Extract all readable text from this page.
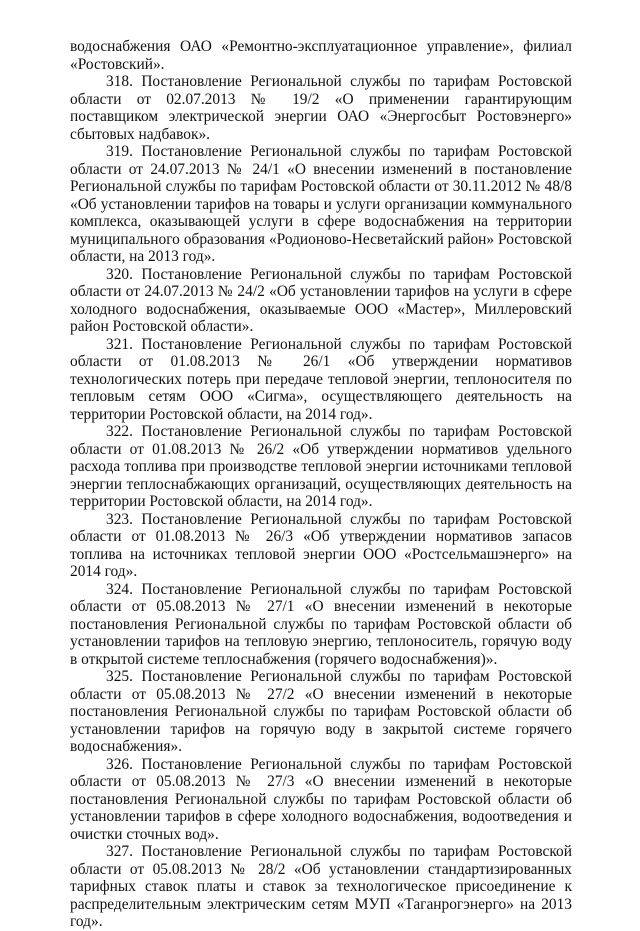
водоснабжения ОАО «Ремонтно-эксплуатационное управление», филиал «Ростовский».

318. Постановление Региональной службы по тарифам Ростовской области от 02.07.2013 № 19/2 «О применении гарантирующим поставщиком электрической энергии ОАО «Энергосбыт Ростовэнерго» сбытовых надбавок».

319. Постановление Региональной службы по тарифам Ростовской области от 24.07.2013 № 24/1 «О внесении изменений в постановление Региональной службы по тарифам Ростовской области от 30.11.2012 № 48/8 «Об установлении тарифов на товары и услуги организации коммунального комплекса, оказывающей услуги в сфере водоснабжения на территории муниципального образования «Родионово-Несветайский район» Ростовской области, на 2013 год».

320. Постановление Региональной службы по тарифам Ростовской области от 24.07.2013 № 24/2 «Об установлении тарифов на услуги в сфере холодного водоснабжения, оказываемые ООО «Мастер», Миллеровский район Ростовской области».

321. Постановление Региональной службы по тарифам Ростовской области от 01.08.2013 № 26/1 «Об утверждении нормативов технологических потерь при передаче тепловой энергии, теплоносителя по тепловым сетям ООО «Сигма», осуществляющего деятельность на территории Ростовской области, на 2014 год».

322. Постановление Региональной службы по тарифам Ростовской области от 01.08.2013 № 26/2 «Об утверждении нормативов удельного расхода топлива при производстве тепловой энергии источниками тепловой энергии теплоснабжающих организаций, осуществляющих деятельность на территории Ростовской области, на 2014 год».

323. Постановление Региональной службы по тарифам Ростовской области от 01.08.2013 № 26/3 «Об утверждении нормативов запасов топлива на источниках тепловой энергии ООО «Ростсельмашэнерго» на 2014 год».

324. Постановление Региональной службы по тарифам Ростовской области от 05.08.2013 № 27/1 «О внесении изменений в некоторые постановления Региональной службы по тарифам Ростовской области об установлении тарифов на тепловую энергию, теплоноситель, горячую воду в открытой системе теплоснабжения (горячего водоснабжения)».

325. Постановление Региональной службы по тарифам Ростовской области от 05.08.2013 № 27/2 «О внесении изменений в некоторые постановления Региональной службы по тарифам Ростовской области об установлении тарифов на горячую воду в закрытой системе горячего водоснабжения».

326. Постановление Региональной службы по тарифам Ростовской области от 05.08.2013 № 27/3 «О внесении изменений в некоторые постановления Региональной службы по тарифам Ростовской области об установлении тарифов в сфере холодного водоснабжения, водоотведения и очистки сточных вод».

327. Постановление Региональной службы по тарифам Ростовской области от 05.08.2013 № 28/2 «Об установлении стандартизированных тарифных ставок платы и ставок за технологическое присоединение к распределительным электрическим сетям МУП «Таганрогэнерго» на 2013 год».
